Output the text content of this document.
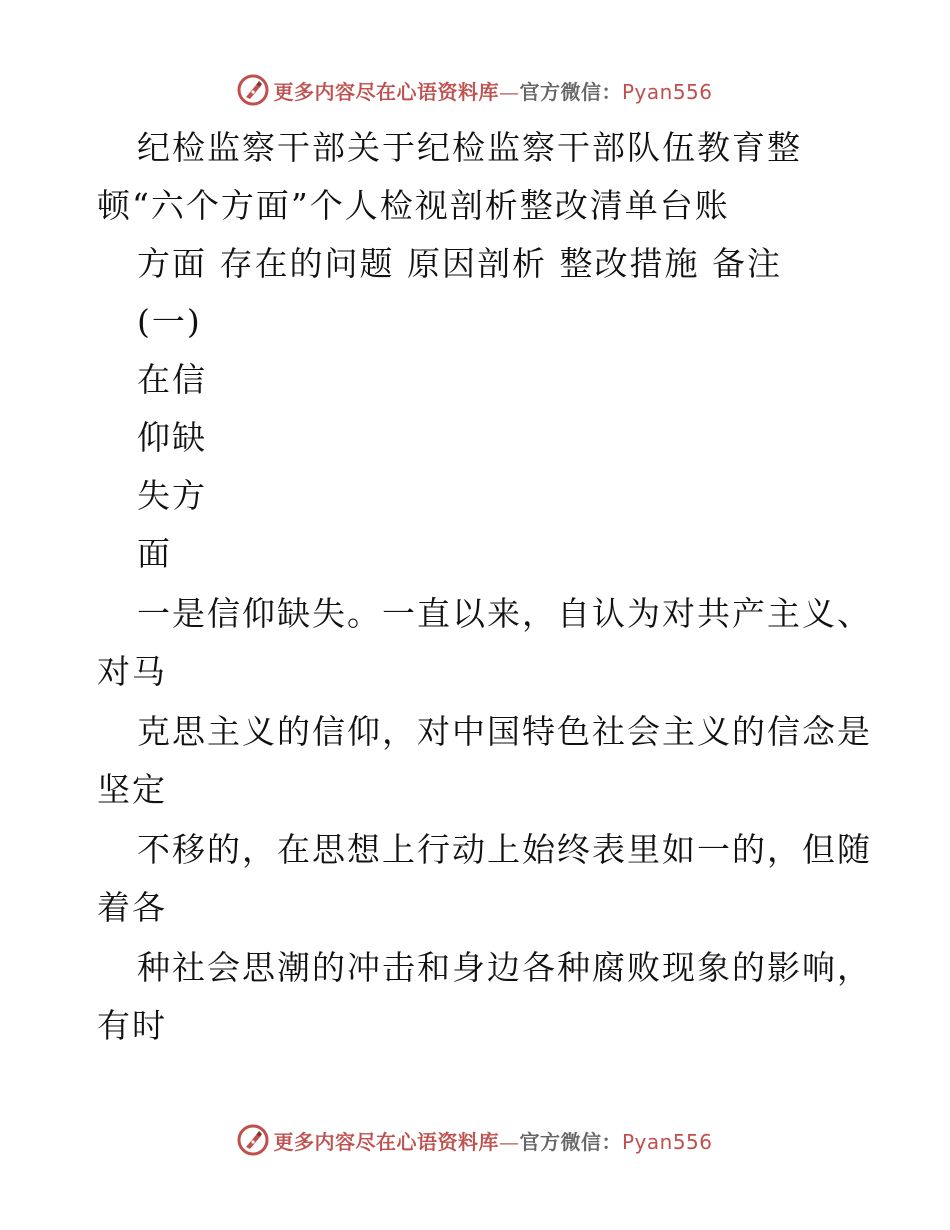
更多内容尽在心语资料库—官方微信：Pyan556
纪检监察干部关于纪检监察干部队伍教育整
顿“六个方面”个人检视剖析整改清单台账
方面 存在的问题 原因剖析 整改措施 备注
(一)
在信
仰缺
失方
面
一是信仰缺失。一直以来，自认为对共产主义、
对马
克思主义的信仰，对中国特色社会主义的信念是
坚定
不移的，在思想上行动上始终表里如一的，但随
着各
种社会思潮的冲击和身边各种腐败现象的影响，
有时
更多内容尽在心语资料库—官方微信：Pyan556
